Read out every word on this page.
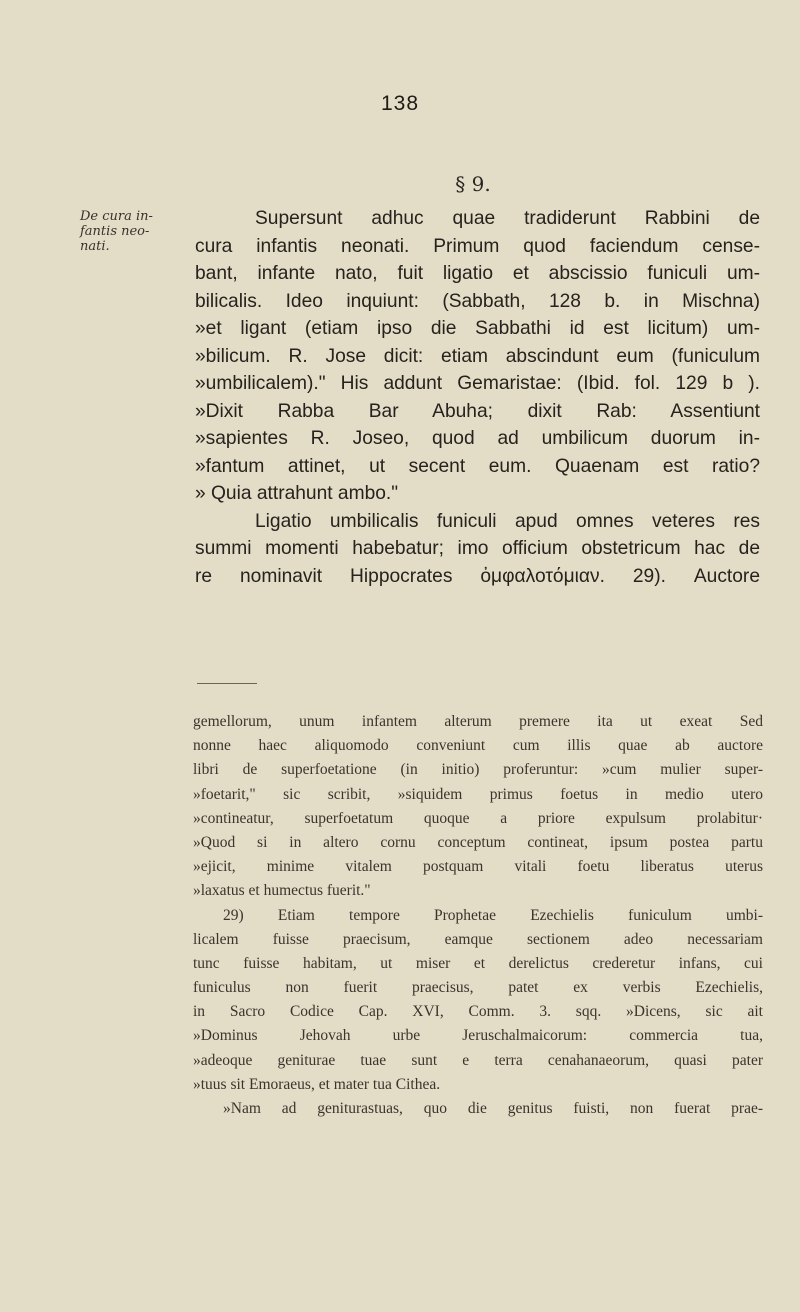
138
§ 9.
De cura in-
fantis neo-
nati.
Supersunt adhuc quae tradiderunt Rabbini de
cura infantis neonati. Primum quod faciendum cense-
bant, infante nato, fuit ligatio et abscissio funiculi um-
bilicalis. Ideo inquiunt: (Sabbath, 128 b. in Mischna)
»et ligant (etiam ipso die Sabbathi id est licitum) um-
»bilicum. R. Jose dicit: etiam abscindunt eum (funiculum
»umbilicalem)." His addunt Gemaristae: (Ibid. fol. 129 b ).
»Dixit Rabba Bar Abuha; dixit Rab: Assentiunt
»sapientes R. Joseo, quod ad umbilicum duorum in-
»fantum attinet, ut secent eum. Quaenam est ratio?
» Quia attrahunt ambo."
Ligatio umbilicalis funiculi apud omnes veteres res
summi momenti habebatur; imo officium obstetricum hac de
re nominavit Hippocrates ὀμφαλοτόμιαν. 29). Auctore
gemellorum, unum infantem alterum premere ita ut exeat Sed
nonne haec aliquomodo conveniunt cum illis quae ab auctore
libri de superfoetatione (in initio) proferuntur: »cum mulier super-
»foetarit," sic scribit, »siquidem primus foetus in medio utero
»contineatur, superfoetatum quoque a priore expulsum prolabitur·
»Quod si in altero cornu conceptum contineat, ipsum postea partu
»ejicit, minime vitalem postquam vitali foetu liberatus uterus
»laxatus et humectus fuerit."
29) Etiam tempore Prophetae Ezechielis funiculum umbi-
licalem fuisse praecisum, eamque sectionem adeo necessariam
tunc fuisse habitam, ut miser et derelictus crederetur infans, cui
funiculus non fuerit praecisus, patet ex verbis Ezechielis,
in Sacro Codice Cap. XVI, Comm. 3. sqq. »Dicens, sic ait
»Dominus Jehovah urbe Jeruschalmaicorum: commercia tua,
»adeoque geniturae tuae sunt e terra cenahanaeorum, quasi pater
»tuus sit Emoraeus, et mater tua Cithea.
»Nam ad geniturastuas, quo die genitus fuisti, non fuerat prae-
